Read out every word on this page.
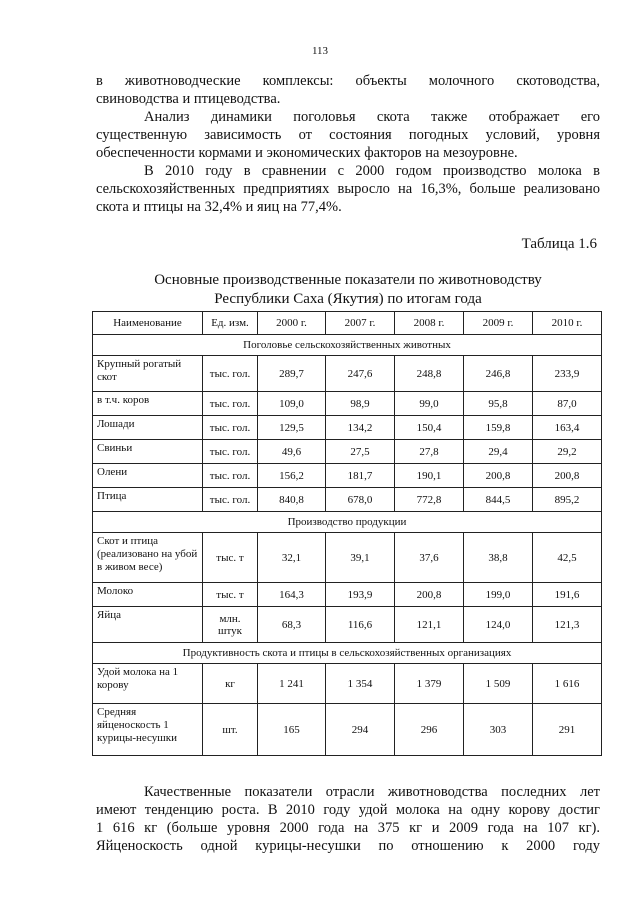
113
в животноводческие комплексы: объекты молочного скотоводства,
свиноводства и птицеводства.
Анализ динамики поголовья скота также отображает его
существенную зависимость от состояния погодных условий, уровня
обеспеченности кормами и экономических факторов на мезоуровне.
В 2010 году в сравнении с 2000 годом производство молока в
сельскохозяйственных предприятиях выросло на 16,3%, больше реализовано
скота и птицы на 32,4% и яиц на 77,4%.
Таблица 1.6
Основные производственные показатели по животноводству
Республики Саха (Якутия) по итогам года
Наименование	Ед. изм.	2000 г.	2007 г.	2008 г.	2009 г.	2010 г.
Поголовье сельскохозяйственных животных						
Крупный рогатый скот	тыс. гол.	289,7	247,6	248,8	246,8	233,9
в т.ч. коров	тыс. гол.	109,0	98,9	99,0	95,8	87,0
Лошади	тыс. гол.	129,5	134,2	150,4	159,8	163,4
Свиньи	тыс. гол.	49,6	27,5	27,8	29,4	29,2
Олени	тыс. гол.	156,2	181,7	190,1	200,8	200,8
Птица	тыс. гол.	840,8	678,0	772,8	844,5	895,2
Производство продукции						
Скот и птица (реализовано на убой в живом весе)	тыс. т	32,1	39,1	37,6	38,8	42,5
Молоко	тыс. т	164,3	193,9	200,8	199,0	191,6
Яйца	млн. штук	68,3	116,6	121,1	124,0	121,3
Продуктивность скота и птицы в сельскохозяйственных организациях						
Удой молока на 1 корову	кг	1 241	1 354	1 379	1 509	1 616
Средняя яйценоскость 1 курицы-несушки	шт.	165	294	296	303	291
Качественные показатели отрасли животноводства последних лет
имеют тенденцию роста. В 2010 году удой молока на одну корову достиг
1 616 кг (больше уровня 2000 года на 375 кг и 2009 года на 107 кг).
Яйценоскость одной курицы-несушки по отношению к 2000 году
